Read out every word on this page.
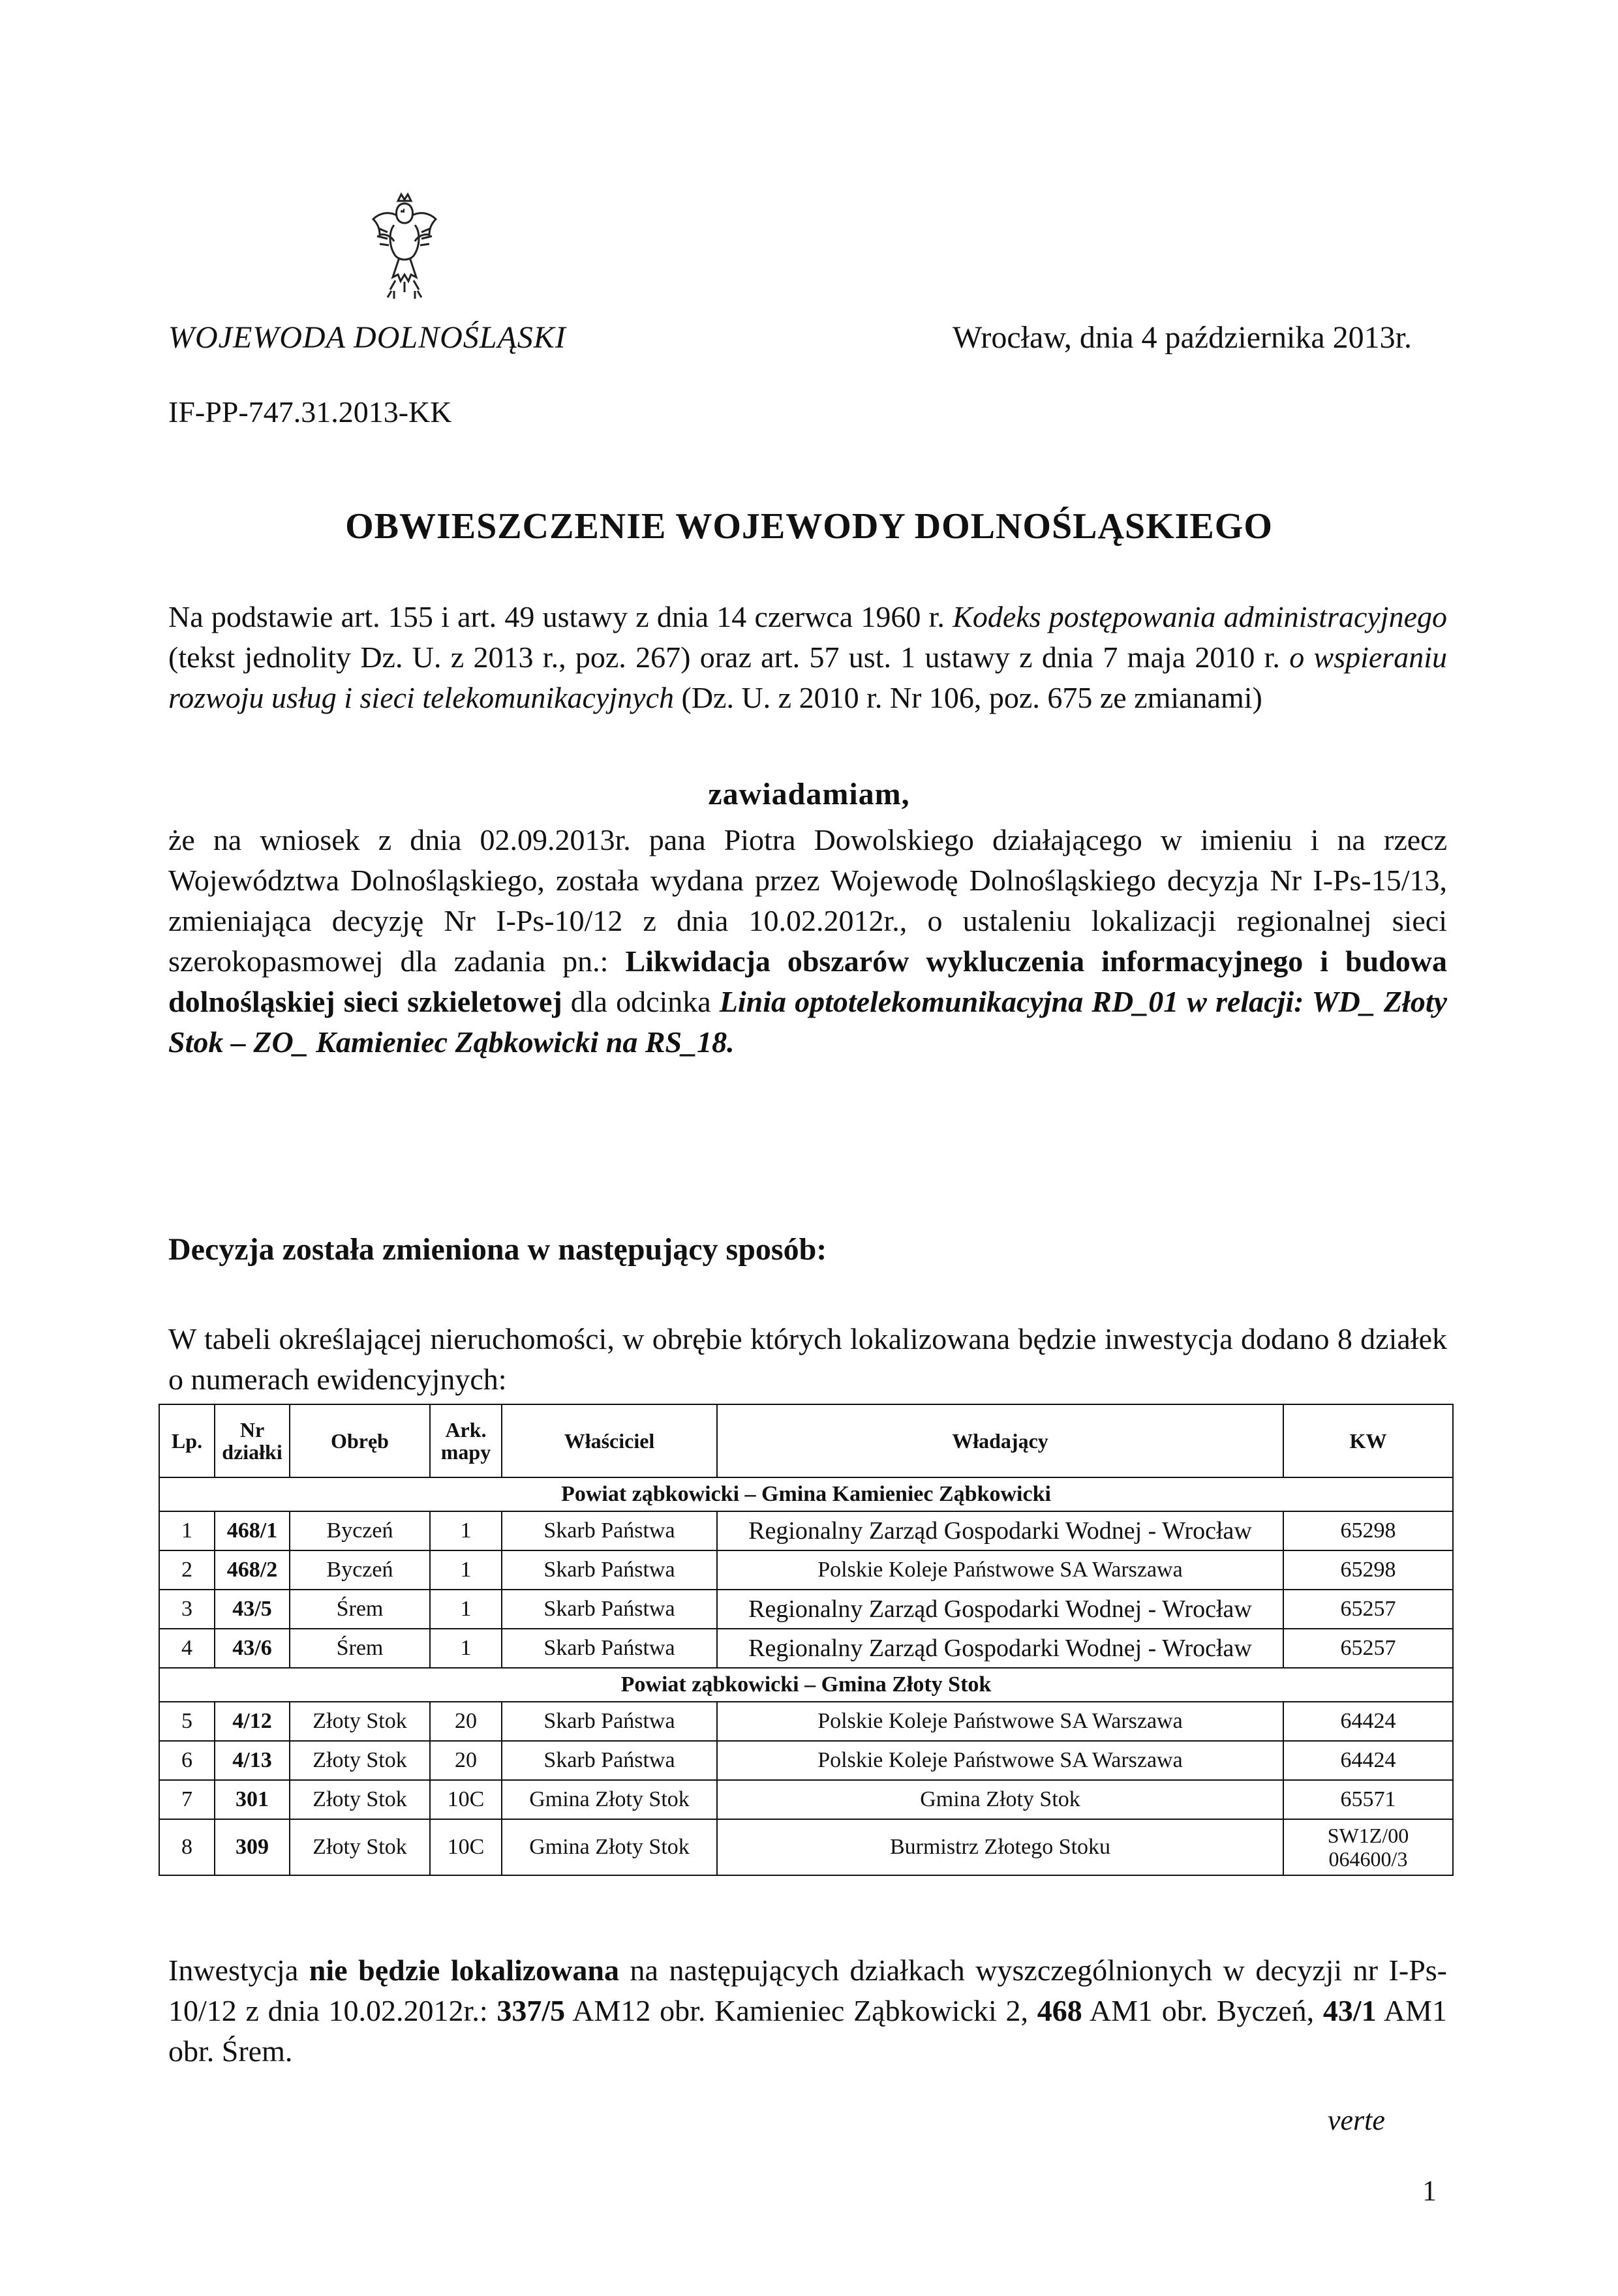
WOJEWODA DOLNOŚLĄSKI	Wrocław, dnia 4 października 2013r.
IF-PP-747.31.2013-KK
OBWIESZCZENIE WOJEWODY DOLNOŚLĄSKIEGO
Na podstawie art. 155 i art. 49 ustawy z dnia 14 czerwca 1960 r. Kodeks postępowania administracyjnego (tekst jednolity Dz. U. z 2013 r., poz. 267) oraz art. 57 ust. 1 ustawy z dnia 7 maja 2010 r. o wspieraniu rozwoju usług i sieci telekomunikacyjnych (Dz. U. z 2010 r. Nr 106, poz. 675 ze zmianami)
zawiadamiam,
że na wniosek z dnia 02.09.2013r. pana Piotra Dowolskiego działającego w imieniu i na rzecz Województwa Dolnośląskiego, została wydana przez Wojewodę Dolnośląskiego decyzja Nr I-Ps-15/13, zmieniająca decyzję Nr I-Ps-10/12 z dnia 10.02.2012r., o ustaleniu lokalizacji regionalnej sieci szerokopasmowej dla zadania pn.: Likwidacja obszarów wykluczenia informacyjnego i budowa dolnośląskiej sieci szkieletowej dla odcinka Linia optotelekomunikacyjna RD_01 w relacji: WD_ Złoty Stok – ZO_ Kamieniec Ząbkowicki na RS_18.
Decyzja została zmieniona w następujący sposób:
W tabeli określającej nieruchomości, w obrębie których lokalizowana będzie inwestycja dodano 8 działek o numerach ewidencyjnych:
Lp.	Nr działki	Obręb	Ark. mapy	Właściciel	Władający	KW
Powiat ząbkowicki – Gmina Kamieniec Ząbkowicki						
1	468/1	Byczeń	1	Skarb Państwa	Regionalny Zarząd Gospodarki Wodnej - Wrocław	65298
2	468/2	Byczeń	1	Skarb Państwa	Polskie Koleje Państwowe SA Warszawa	65298
3	43/5	Śrem	1	Skarb Państwa	Regionalny Zarząd Gospodarki Wodnej - Wrocław	65257
4	43/6	Śrem	1	Skarb Państwa	Regionalny Zarząd Gospodarki Wodnej - Wrocław	65257
Powiat ząbkowicki – Gmina Złoty Stok						
5	4/12	Złoty Stok	20	Skarb Państwa	Polskie Koleje Państwowe SA Warszawa	64424
6	4/13	Złoty Stok	20	Skarb Państwa	Polskie Koleje Państwowe SA Warszawa	64424
7	301	Złoty Stok	10C	Gmina Złoty Stok	Gmina Złoty Stok	65571
8	309	Złoty Stok	10C	Gmina Złoty Stok	Burmistrz Złotego Stoku	SW1Z/00
064600/3
Inwestycja nie będzie lokalizowana na następujących działkach wyszczególnionych w decyzji nr I-Ps-10/12 z dnia 10.02.2012r.: 337/5 AM12 obr. Kamieniec Ząbkowicki 2, 468 AM1 obr. Byczeń, 43/1 AM1 obr. Śrem.
verte
1
